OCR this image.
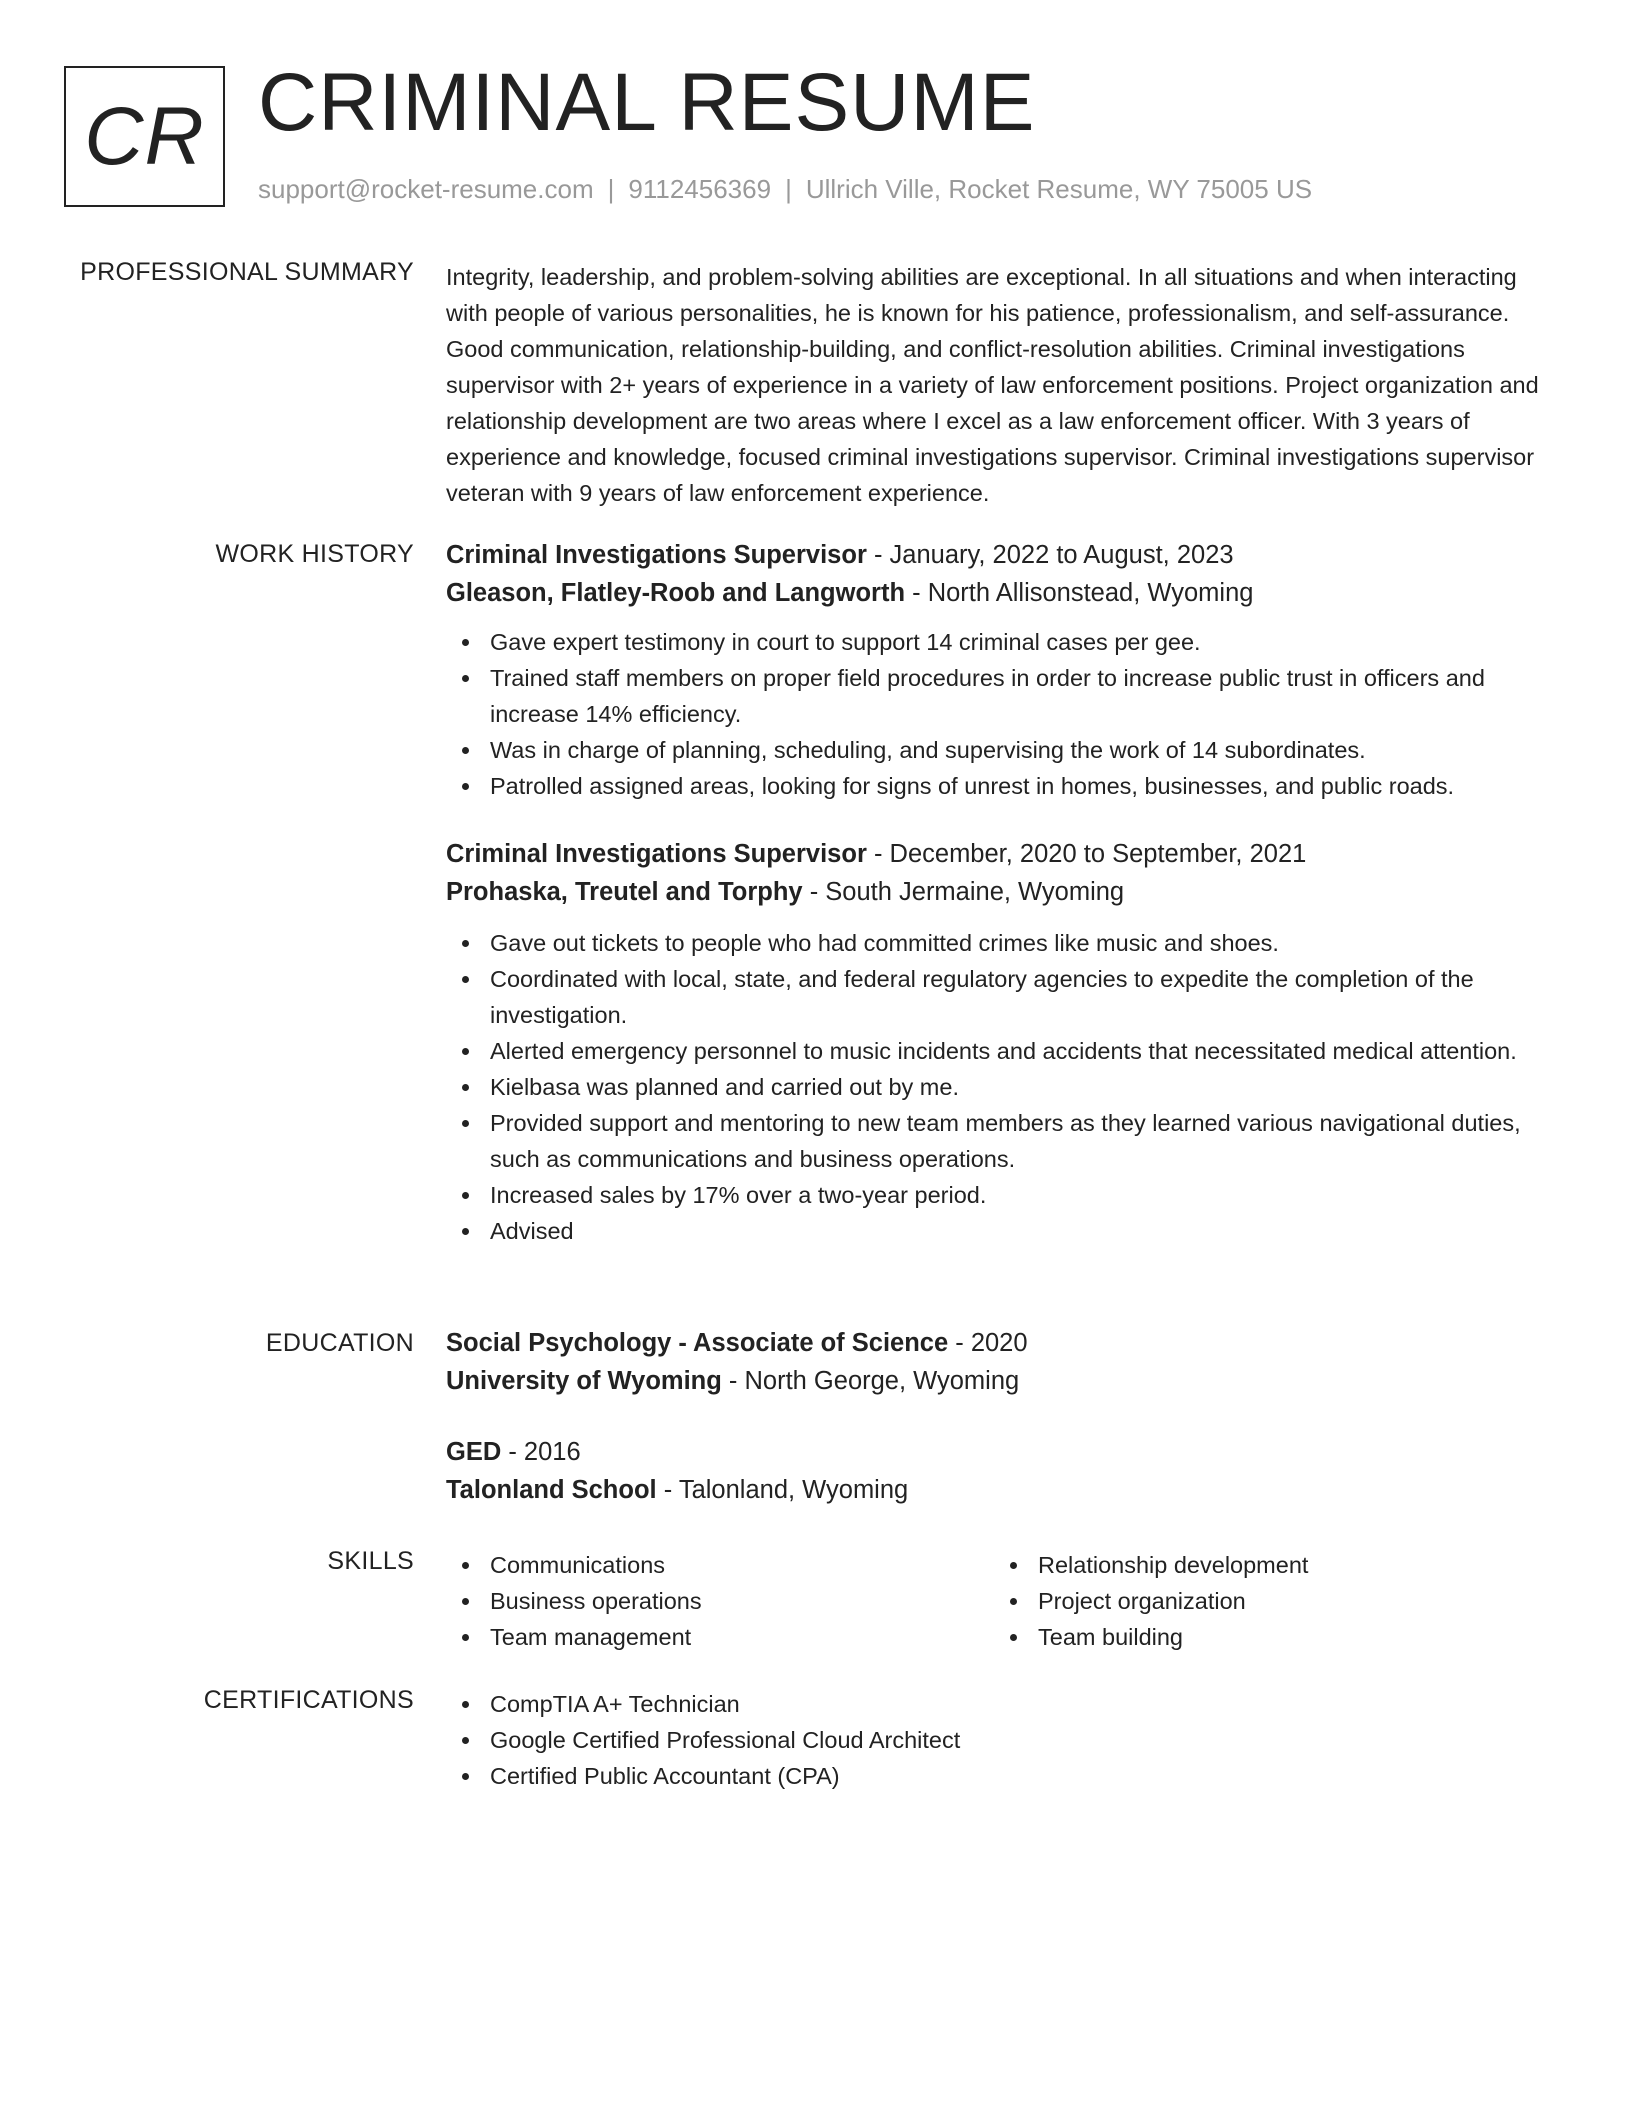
CR CRIMINAL RESUME
support@rocket-resume.com | 9112456369 | Ullrich Ville, Rocket Resume, WY 75005 US
PROFESSIONAL SUMMARY Integrity, leadership, and problem-solving abilities are exceptional. In all situations and when interacting with people of various personalities, he is known for his patience, professionalism, and self-assurance. Good communication, relationship-building, and conflict-resolution abilities. Criminal investigations supervisor with 2+ years of experience in a variety of law enforcement positions. Project organization and relationship development are two areas where I excel as a law enforcement officer. With 3 years of experience and knowledge, focused criminal investigations supervisor. Criminal investigations supervisor veteran with 9 years of law enforcement experience.

WORK HISTORY Criminal Investigations Supervisor - January, 2022 to August, 2023

Gleason, Flatley-Roob and Langworth - North Allisonstead, Wyoming

Gave expert testimony in court to support 14 criminal cases per gee.
Trained staff members on proper field procedures in order to increase public trust in officers and increase 14% efficiency.
Was in charge of planning, scheduling, and supervising the work of 14 subordinates.
Patrolled assigned areas, looking for signs of unrest in homes, businesses, and public roads.

Criminal Investigations Supervisor - December, 2020 to September, 2021

Prohaska, Treutel and Torphy - South Jermaine, Wyoming

Gave out tickets to people who had committed crimes like music and shoes.
Coordinated with local, state, and federal regulatory agencies to expedite the completion of the investigation.
Alerted emergency personnel to music incidents and accidents that necessitated medical attention.
Kielbasa was planned and carried out by me.
Provided support and mentoring to new team members as they learned various navigational duties, such as communications and business operations.
Increased sales by 17% over a two-year period.
Advised
EDUCATION Social Psychology - Associate of Science - 2020

University of Wyoming - North George, Wyoming

GED - 2016

Talonland School - Talonland, Wyoming

SKILLS	Communications
Business operations
Team management
Relationship development
Project organization
Team building
CERTIFICATIONS	CompTIA A+ Technician
Google Certified Professional Cloud Architect
Certified Public Accountant (CPA)
